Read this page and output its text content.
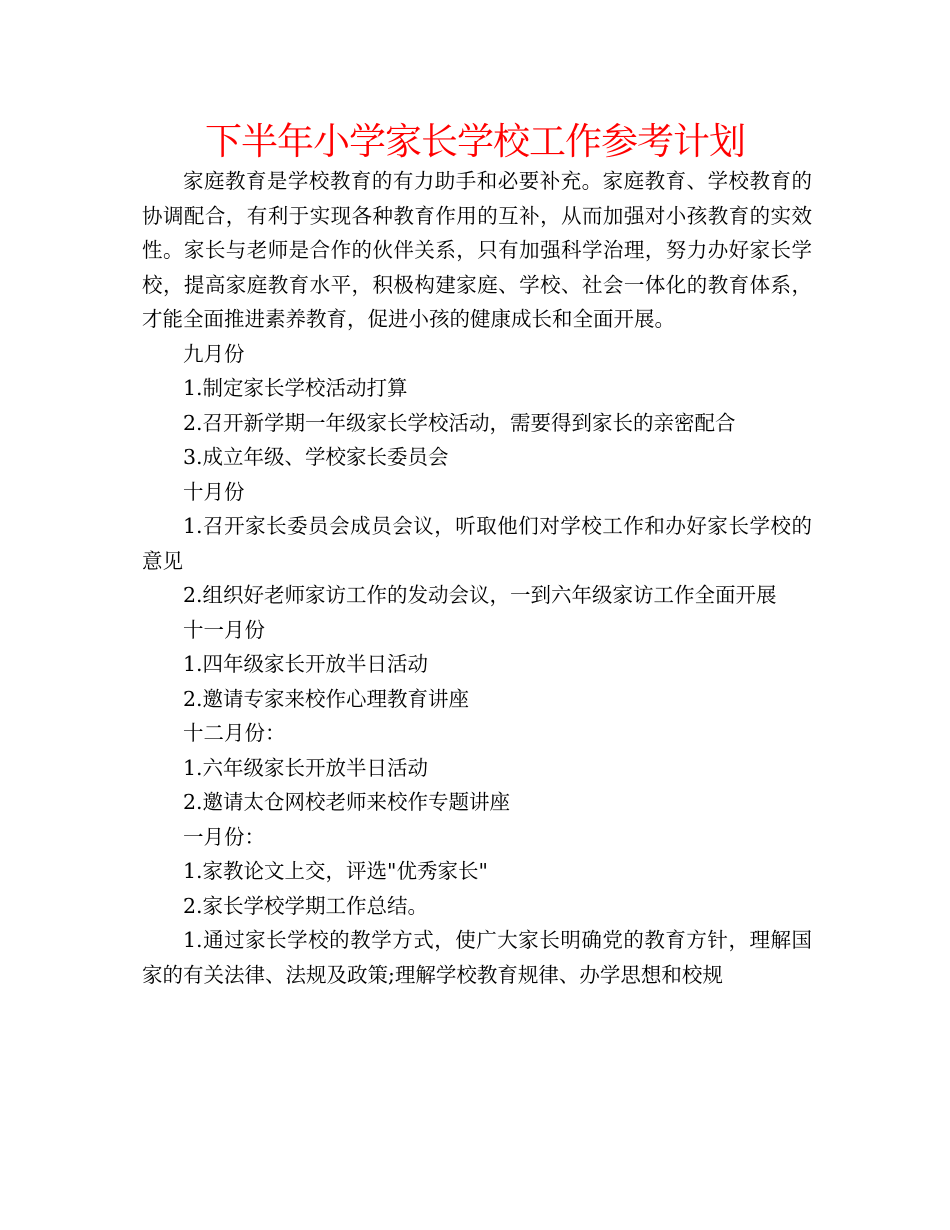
下半年小学家长学校工作参考计划

家庭教育是学校教育的有力助手和必要补充。家庭教育、学校教育的协调配合，有利于实现各种教育作用的互补，从而加强对小孩教育的实效性。家长与老师是合作的伙伴关系，只有加强科学治理，努力办好家长学校，提高家庭教育水平，积极构建家庭、学校、社会一体化的教育体系，才能全面推进素养教育，促进小孩的健康成长和全面开展。

九月份

1.制定家长学校活动打算

2.召开新学期一年级家长学校活动，需要得到家长的亲密配合

3.成立年级、学校家长委员会

十月份

1.召开家长委员会成员会议，听取他们对学校工作和办好家长学校的意见

2.组织好老师家访工作的发动会议，一到六年级家访工作全面开展

十一月份

1.四年级家长开放半日活动

2.邀请专家来校作心理教育讲座

十二月份：

1.六年级家长开放半日活动

2.邀请太仓网校老师来校作专题讲座

一月份：

1.家教论文上交，评选"优秀家长"

2.家长学校学期工作总结。

1.通过家长学校的教学方式，使广大家长明确党的教育方针，理解国家的有关法律、法规及政策;理解学校教育规律、办学思想和校规
